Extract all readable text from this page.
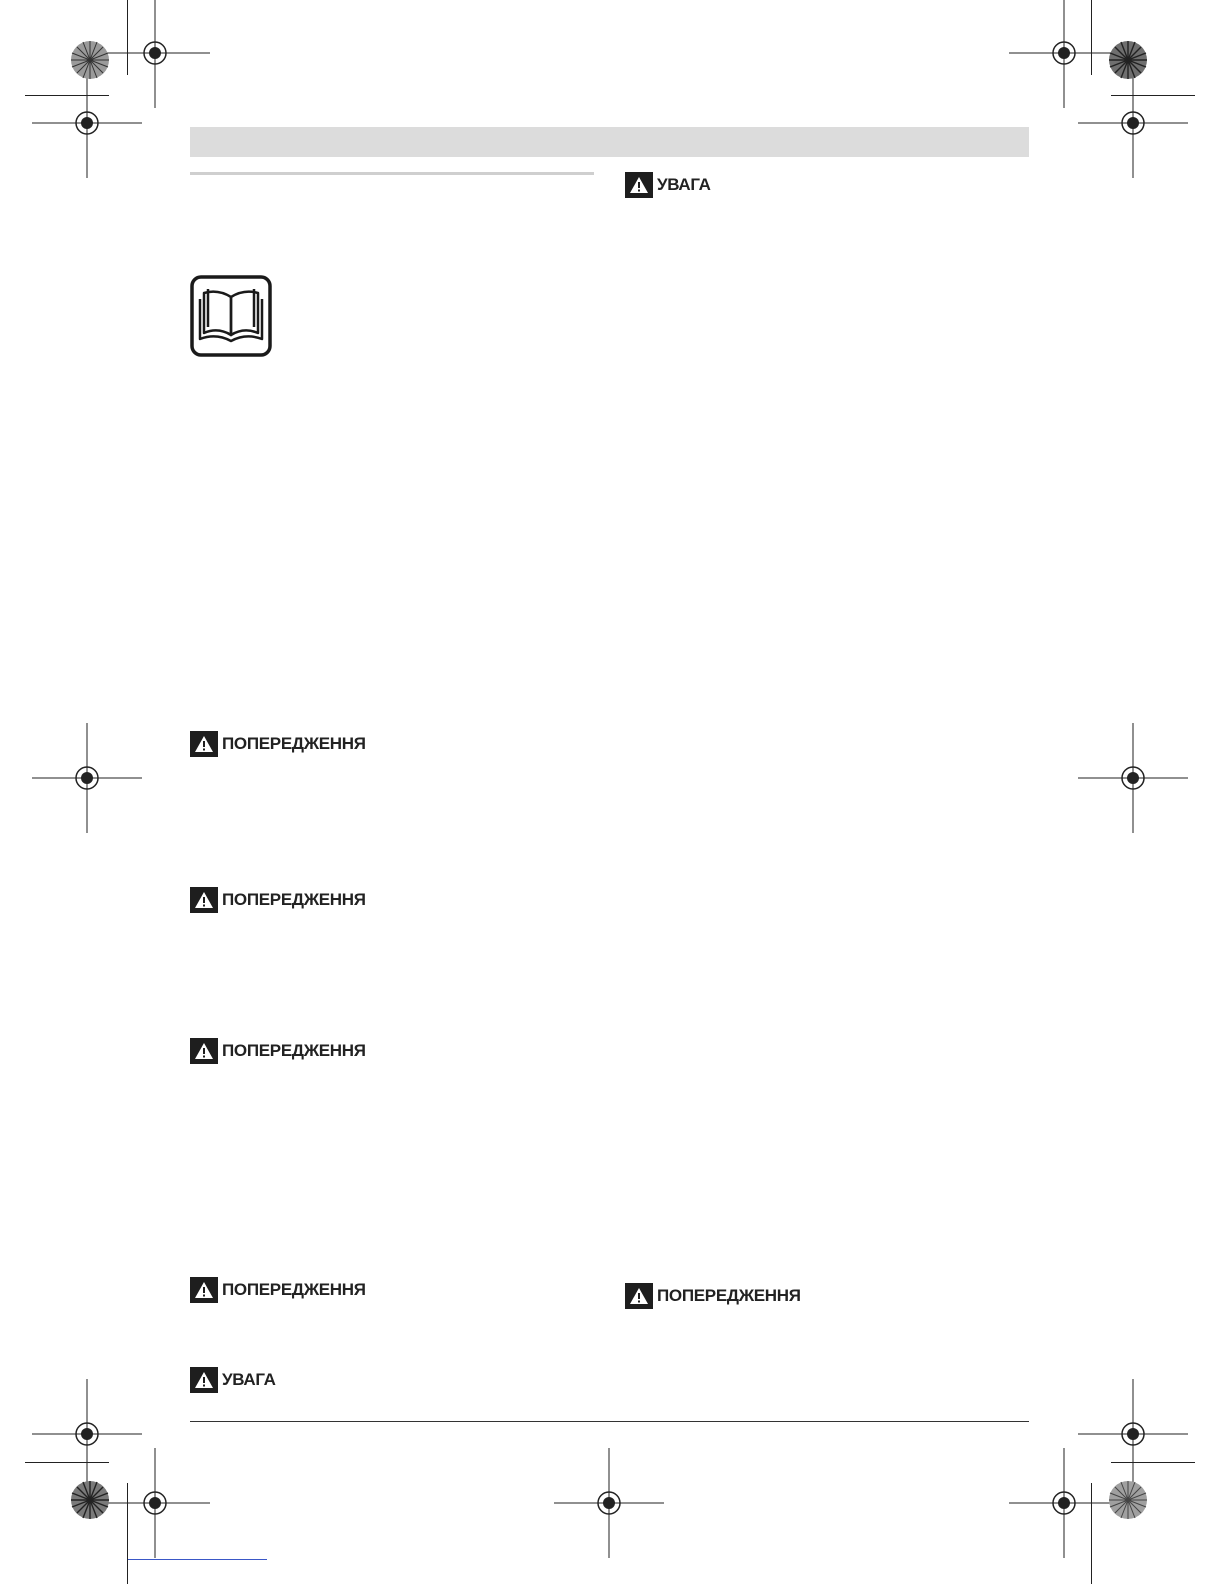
УВАГА
ПОПЕРЕДЖЕННЯ
ПОПЕРЕДЖЕННЯ
ПОПЕРЕДЖЕННЯ
ПОПЕРЕДЖЕННЯ	ПОПЕРЕДЖЕННЯ
УВАГА
